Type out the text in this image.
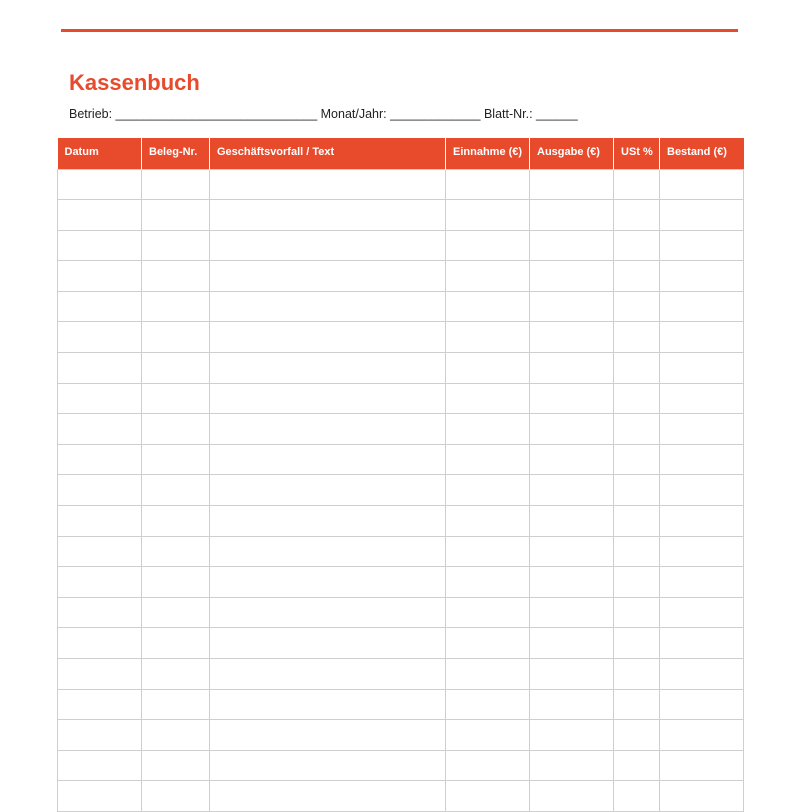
Kassenbuch
Betrieb: _____________________________ Monat/Jahr: _____________ Blatt-Nr.: ______
Datum	Beleg-Nr.	Geschäftsvorfall / Text	Einnahme (€)	Ausgabe (€)	USt %	Bestand (€)
